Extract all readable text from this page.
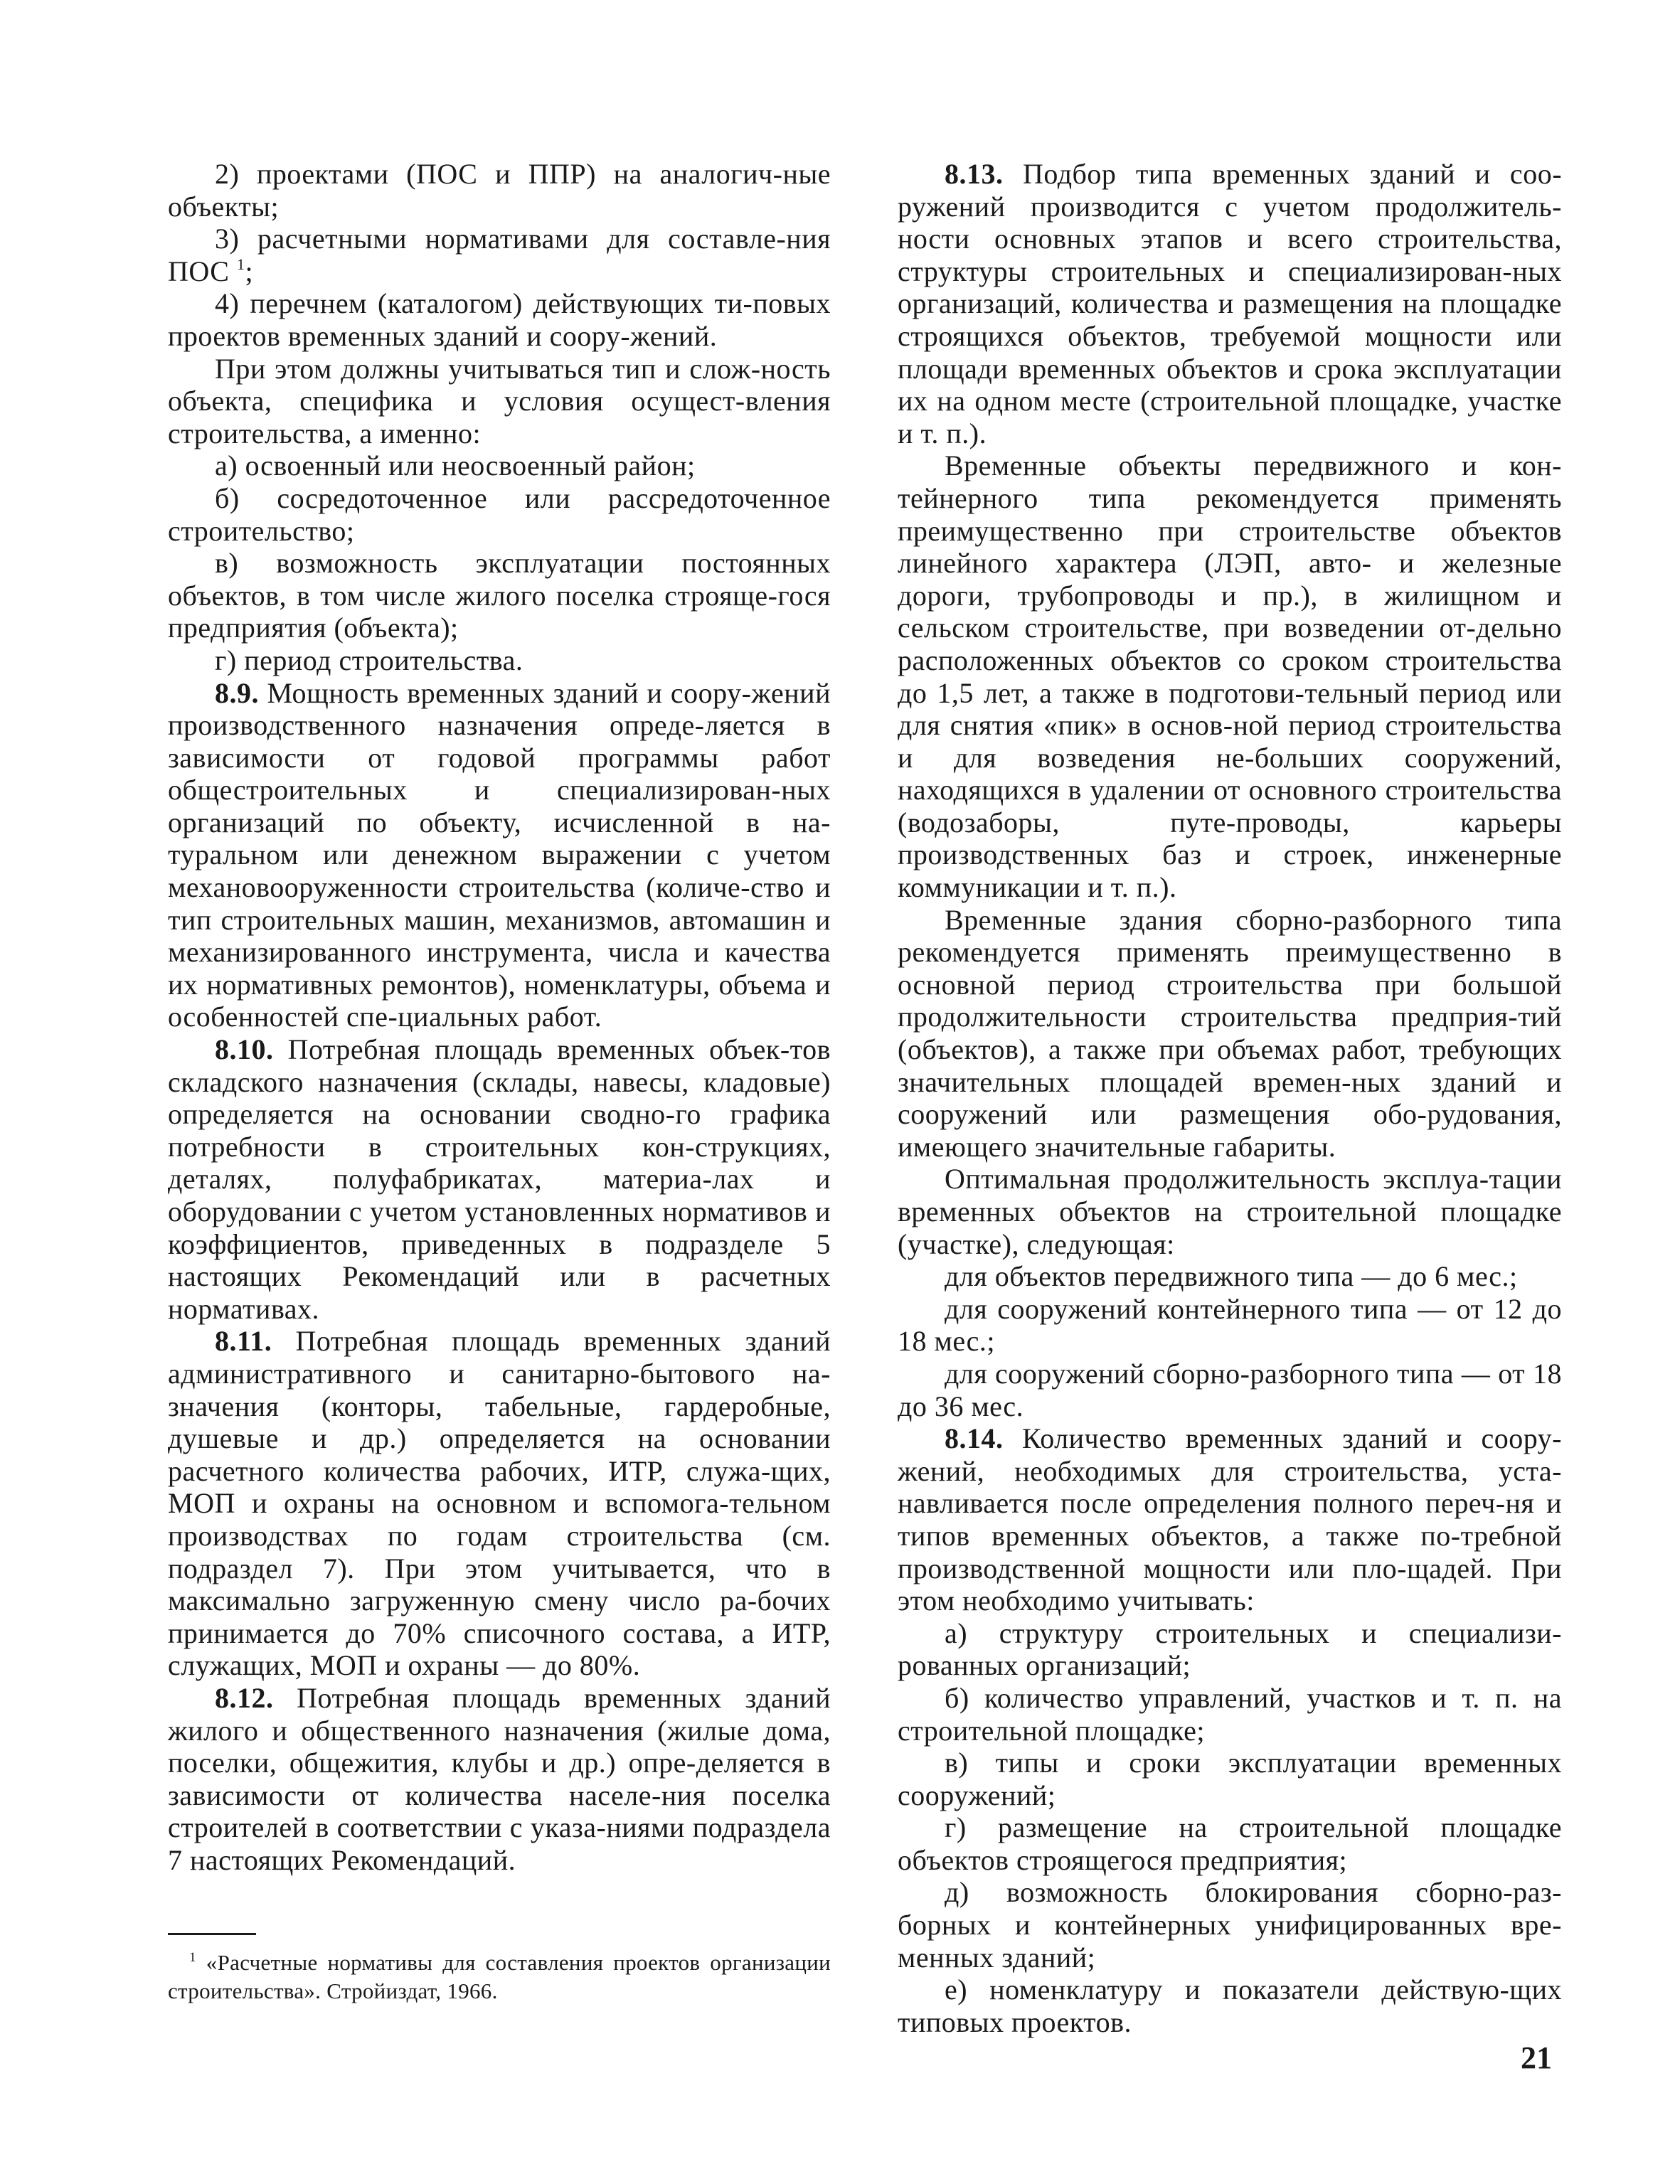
2) проектами (ПОС и ППР) на аналогич-ные объекты;

3) расчетными нормативами для составле-ния ПОС $^1$;

4) перечнем (каталогом) действующих ти-повых проектов временных зданий и соору-жений.

При этом должны учитываться тип и слож-ность объекта, специфика и условия осущест-вления строительства, а именно:

а) освоенный или неосвоенный район;

б) сосредоточенное или рассредоточенное строительство;

в) возможность эксплуатации постоянных объектов, в том числе жилого поселка строяще-гося предприятия (объекта);

г) период строительства.

8.9. Мощность временных зданий и соору-жений производственного назначения опреде-ляется в зависимости от годовой программы работ общестроительных и специализирован-ных организаций по объекту, исчисленной в на-туральном или денежном выражении с учетом механовооруженности строительства (количе-ство и тип строительных машин, механизмов, автомашин и механизированного инструмента, числа и качества их нормативных ремонтов), номенклатуры, объема и особенностей спе-циальных работ.

8.10. Потребная площадь временных объек-тов складского назначения (склады, навесы, кладовые) определяется на основании сводно-го графика потребности в строительных кон-струкциях, деталях, полуфабрикатах, материа-лах и оборудовании с учетом установленных нормативов и коэффициентов, приведенных в подразделе 5 настоящих Рекомендаций или в расчетных нормативах.

8.11. Потребная площадь временных зданий административного и санитарно-бытового на-значения (конторы, табельные, гардеробные, душевые и др.) определяется на основании расчетного количества рабочих, ИТР, служа-щих, МОП и охраны на основном и вспомога-тельном производствах по годам строительства (см. подраздел 7). При этом учитывается, что в максимально загруженную смену число ра-бочих принимается до 70% списочного состава, а ИТР, служащих, МОП и охраны — до 80%.

8.12. Потребная площадь временных зданий жилого и общественного назначения (жилые дома, поселки, общежития, клубы и др.) опре-деляется в зависимости от количества населе-ния поселка строителей в соответствии с указа-ниями подраздела 7 настоящих Рекомендаций.

8.13. Подбор типа временных зданий и соо-ружений производится с учетом продолжитель-ности основных этапов и всего строительства, структуры строительных и специализирован-ных организаций, количества и размещения на площадке строящихся объектов, требуемой мощности или площади временных объектов и срока эксплуатации их на одном месте (строительной площадке, участке и т. п.).

Временные объекты передвижного и кон-тейнерного типа рекомендуется применять преимущественно при строительстве объектов линейного характера (ЛЭП, авто- и железные дороги, трубопроводы и пр.), в жилищном и сельском строительстве, при возведении от-дельно расположенных объектов со сроком строительства до 1,5 лет, а также в подготови-тельный период или для снятия «пик» в основ-ной период строительства и для возведения не-больших сооружений, находящихся в удалении от основного строительства (водозаборы, путе-проводы, карьеры производственных баз и строек, инженерные коммуникации и т. п.).

Временные здания сборно-разборного типа рекомендуется применять преимущественно в основной период строительства при большой продолжительности строительства предприя-тий (объектов), а также при объемах работ, требующих значительных площадей времен-ных зданий и сооружений или размещения обо-рудования, имеющего значительные габариты.

Оптимальная продолжительность эксплуа-тации временных объектов на строительной площадке (участке), следующая:

для объектов передвижного типа — до 6 мес.;

для сооружений контейнерного типа — от 12 до 18 мес.;

для сооружений сборно-разборного типа — от 18 до 36 мес.

8.14. Количество временных зданий и соору-жений, необходимых для строительства, уста-навливается после определения полного переч-ня и типов временных объектов, а также по-требной производственной мощности или пло-щадей. При этом необходимо учитывать:

а) структуру строительных и специализи-рованных организаций;

б) количество управлений, участков и т. п. на строительной площадке;

в) типы и сроки эксплуатации временных сооружений;

г) размещение на строительной площадке объектов строящегося предприятия;

д) возможность блокирования сборно-раз-борных и контейнерных унифицированных вре-менных зданий;

е) номенклатуру и показатели действую-щих типовых проектов.

$^1$ «Расчетные нормативы для составления проектов организации строительства». Стройиздат, 1966.
21
